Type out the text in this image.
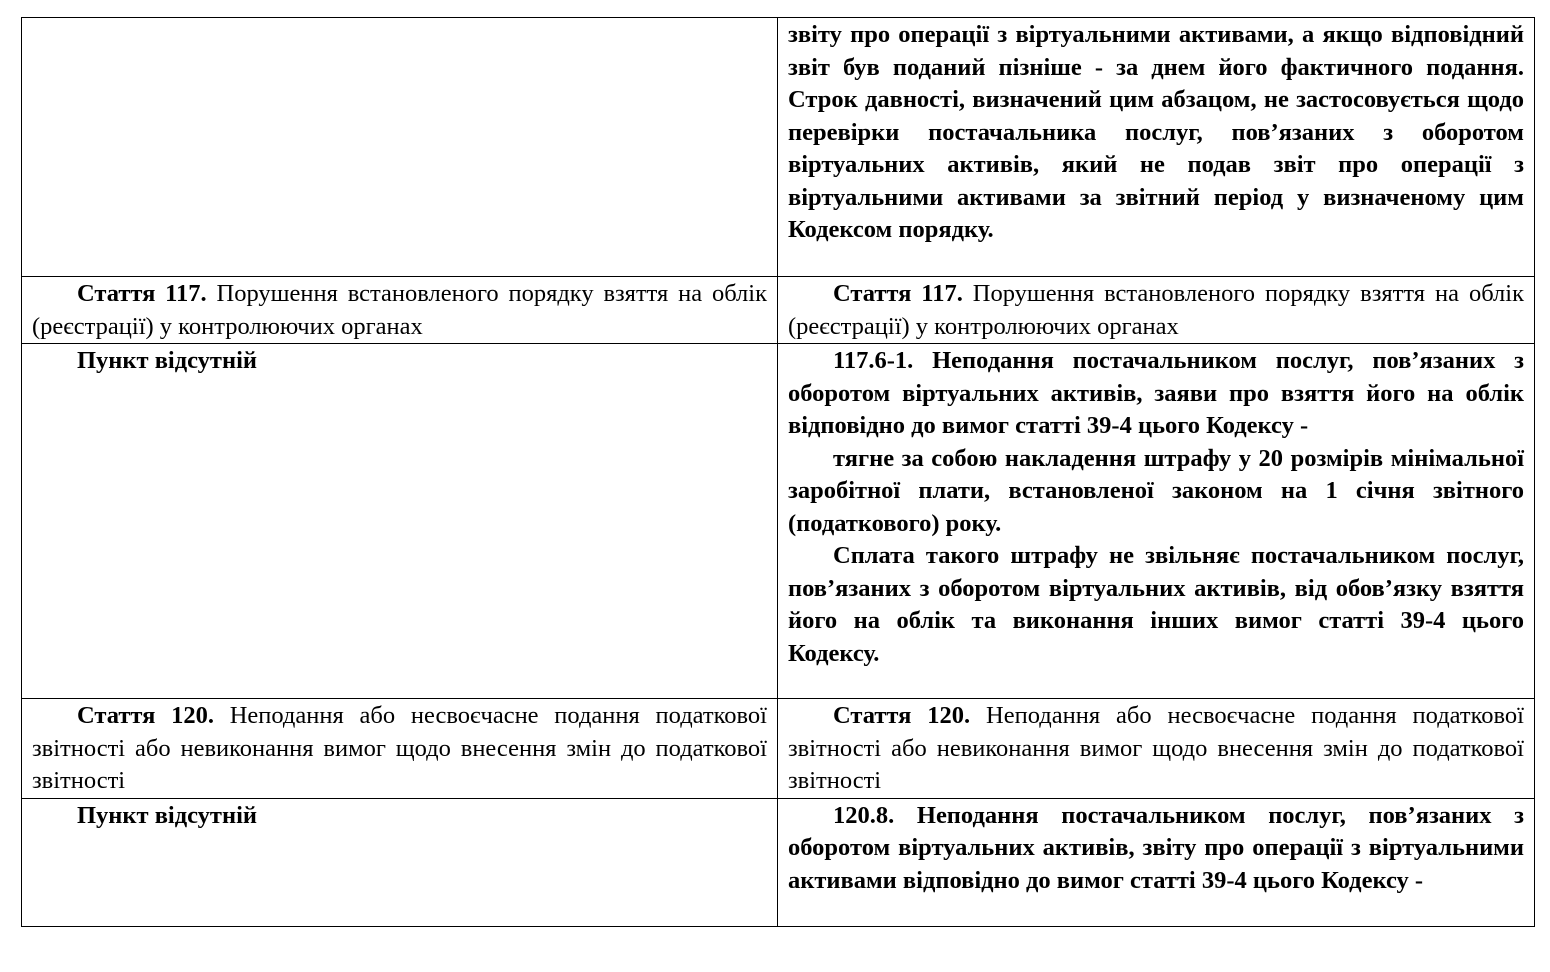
	звіту про операції з віртуальними активами, а якщо відповідний звіт був поданий пізніше - за днем його фактичного подання. Строк давності, визначений цим абзацом, не застосовується щодо перевірки постачальника послуг, пов’язаних з оборотом віртуальних активів, який не подав звіт про операції з віртуальними активами за звітний період у визначеному цим Кодексом порядку.

Стаття 117. Порушення встановленого порядку взяття на облік (реєстрації) у контролюючих органах	Стаття 117. Порушення встановленого порядку взяття на облік (реєстрації) у контролюючих органах

Пункт відсутній	117.6-1. Неподання постачальником послуг, пов’язаних з оборотом віртуальних активів, заяви про взяття його на облік відповідно до вимог статті 39-4 цього Кодексу -

тягне за собою накладення штрафу у 20 розмірів мінімальної заробітної плати, встановленої законом на 1 січня звітного (податкового) року.

Сплата такого штрафу не звільняє постачальником послуг, пов’язаних з оборотом віртуальних активів, від обов’язку взяття його на облік та виконання інших вимог статті 39-4 цього Кодексу.

Стаття 120. Неподання або несвоєчасне подання податкової звітності або невиконання вимог щодо внесення змін до податкової звітності	Стаття 120. Неподання або несвоєчасне подання податкової звітності або невиконання вимог щодо внесення змін до податкової звітності

Пункт відсутній	120.8. Неподання постачальником послуг, пов’язаних з оборотом віртуальних активів, звіту про операції з віртуальними активами відповідно до вимог статті 39-4 цього Кодексу -
